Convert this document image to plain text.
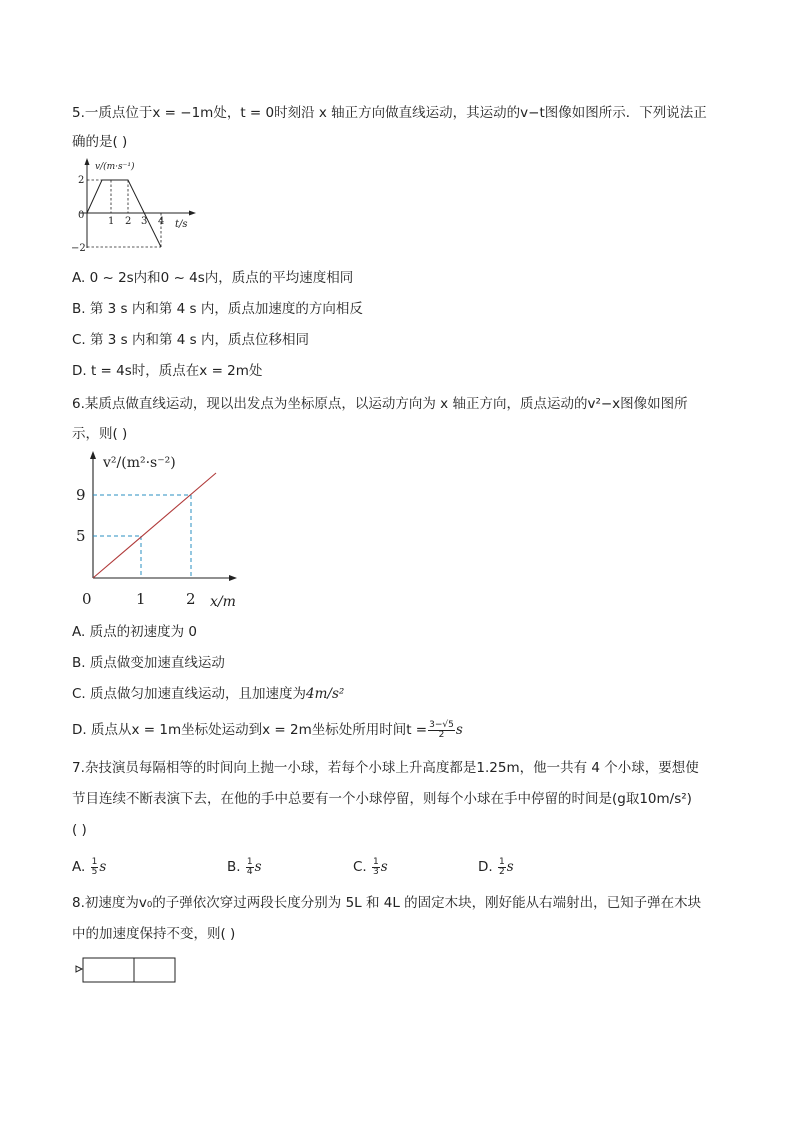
5.一质点位于x = −1m处，t = 0时刻沿 x 轴正方向做直线运动，其运动的v−t图像如图所示．下列说法正
确的是( )
v/(m·s⁻¹)
t/s
2
0
−2
1 2 3 4
A. 0 ~ 2s内和0 ~ 4s内，质点的平均速度相同
B. 第 3 s 内和第 4 s 内，质点加速度的方向相反
C. 第 3 s 内和第 4 s 内，质点位移相同
D. t = 4s时，质点在x = 2m处
6.某质点做直线运动，现以出发点为坐标原点，以运动方向为 x 轴正方向，质点运动的v²−x图像如图所
示，则( )
v²/(m²·s⁻²)
x/m
9
5
0	1	2
A. 质点的初速度为 0
B. 质点做变加速直线运动
C. 质点做匀加速直线运动，且加速度为4m/s²
D. 质点从x = 1m坐标处运动到x = 2m坐标处所用时间$t = \frac{3-√5}{2}$ s
7.杂技演员每隔相等的时间向上抛一小球，若每个小球上升高度都是1.25m，他一共有 4 个小球，要想使
节目连续不断表演下去，在他的手中总要有一个小球停留，则每个小球在手中停留的时间是(g取10m/s²)
( )
A. $\frac{1}{5}$ s	B. $\frac{1}{4}$ s	C. $\frac{1}{3}$ s	D. $\frac{1}{2}$ s
8.初速度为v₀的子弹依次穿过两段长度分别为 5L 和 4L 的固定木块，刚好能从右端射出，已知子弹在木块
中的加速度保持不变，则( )
